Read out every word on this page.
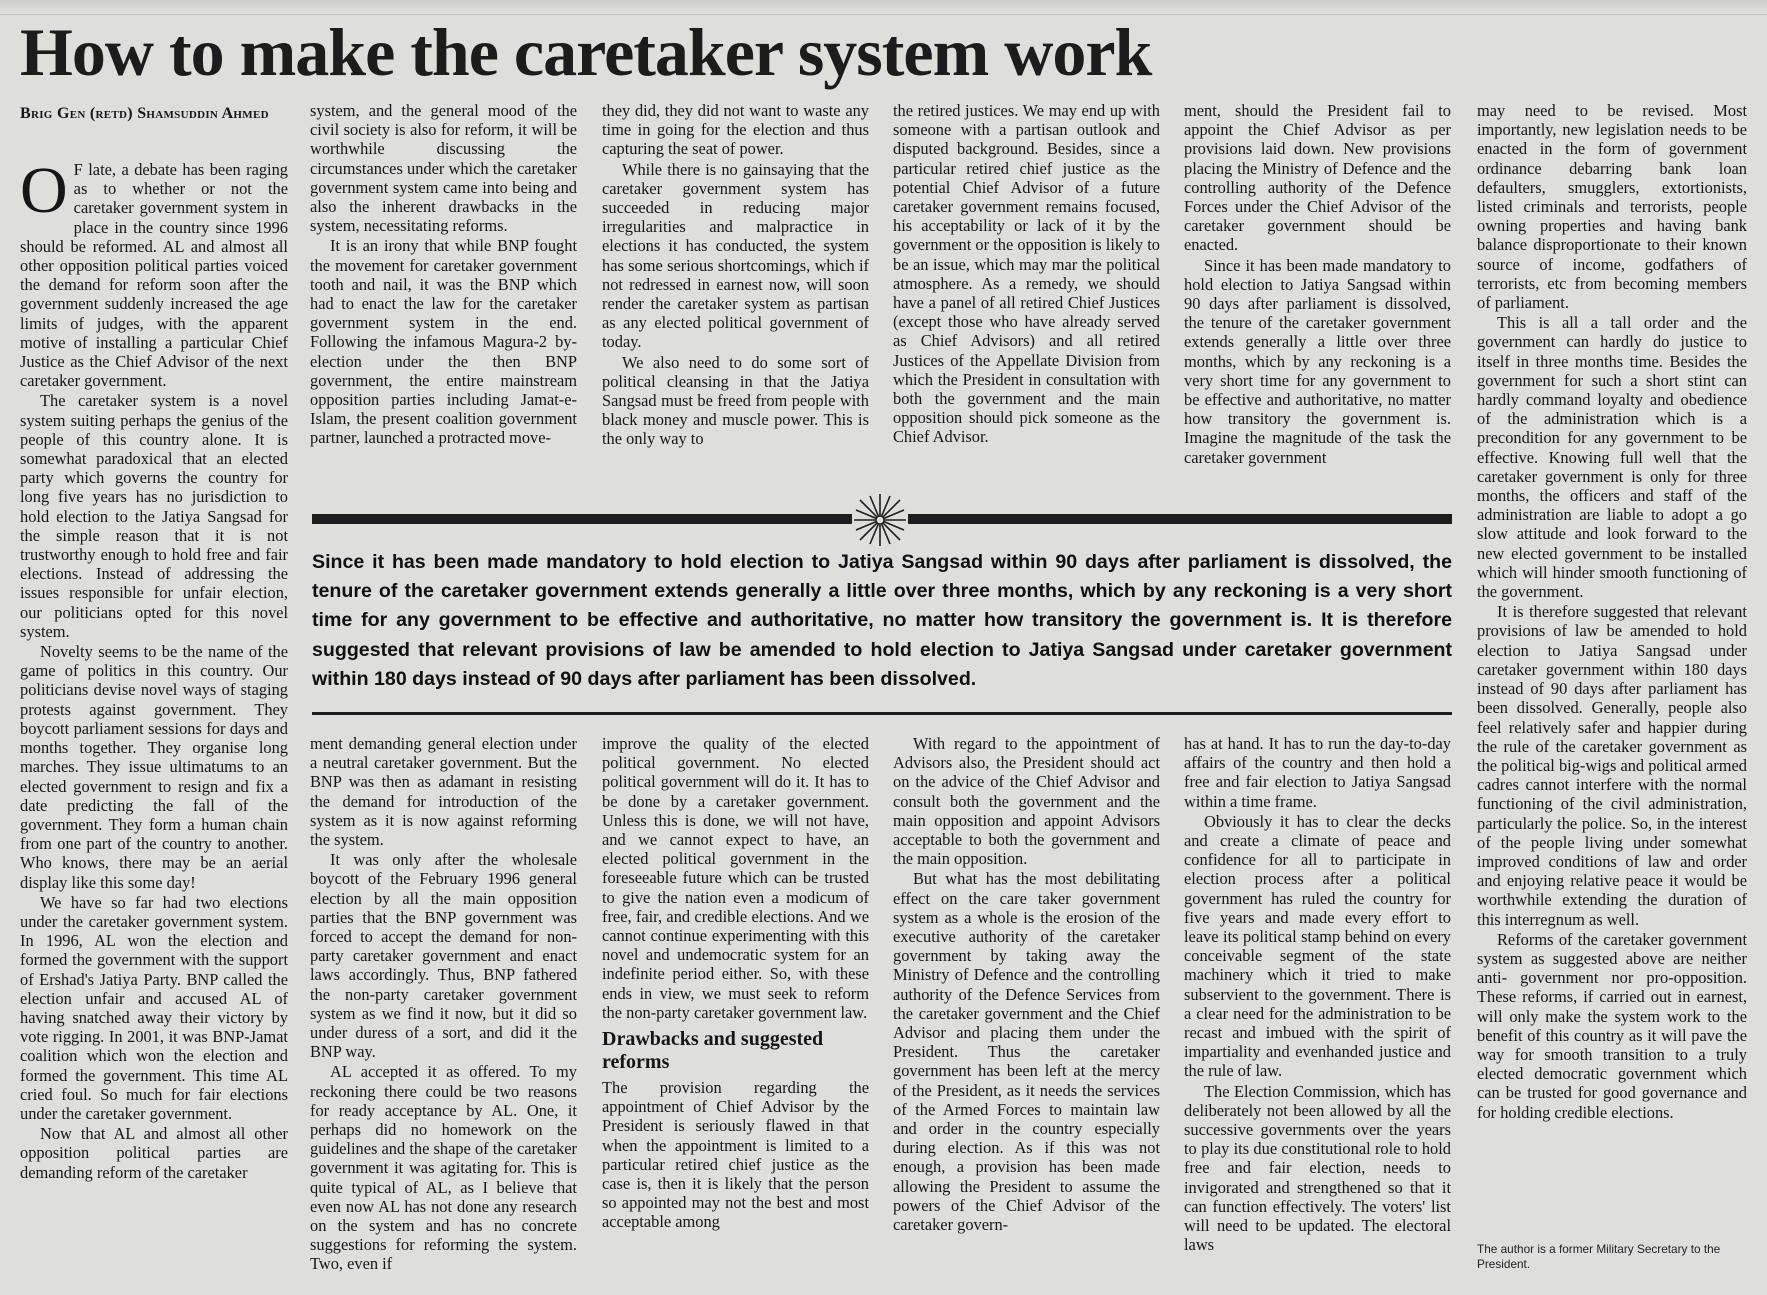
How to make the caretaker system work
Brig Gen (retd) Shamsuddin Ahmed

O F late, a debate has been raging as to whether or not the caretaker government system in place in the country since 1996 should be reformed. AL and almost all other opposition political parties voiced the demand for reform soon after the government suddenly increased the age limits of judges, with the apparent motive of installing a particular Chief Justice as the Chief Advisor of the next caretaker government.

The caretaker system is a novel system suiting perhaps the genius of the people of this country alone. It is somewhat paradoxical that an elected party which governs the country for long five years has no jurisdiction to hold election to the Jatiya Sangsad for the simple reason that it is not trustworthy enough to hold free and fair elections. Instead of addressing the issues responsible for unfair election, our politicians opted for this novel system.

Novelty seems to be the name of the game of politics in this country. Our politicians devise novel ways of staging protests against government. They boycott parliament sessions for days and months together. They organise long marches. They issue ultimatums to an elected government to resign and fix a date predicting the fall of the government. They form a human chain from one part of the country to another. Who knows, there may be an aerial display like this some day!

We have so far had two elections under the caretaker government system. In 1996, AL won the election and formed the government with the support of Ershad's Jatiya Party. BNP called the election unfair and accused AL of having snatched away their victory by vote rigging. In 2001, it was BNP-Jamat coalition which won the election and formed the government. This time AL cried foul. So much for fair elections under the caretaker government.

Now that AL and almost all other opposition political parties are demanding reform of the caretaker

system, and the general mood of the civil society is also for reform, it will be worthwhile discussing the circumstances under which the caretaker government system came into being and also the inherent drawbacks in the system, necessitating reforms.

It is an irony that while BNP fought the movement for caretaker government tooth and nail, it was the BNP which had to enact the law for the caretaker government system in the end. Following the infamous Magura-2 by-election under the then BNP government, the entire mainstream opposition parties including Jamat-e-Islam, the present coalition government partner, launched a protracted move-

they did, they did not want to waste any time in going for the election and thus capturing the seat of power.

While there is no gainsaying that the caretaker government system has succeeded in reducing major irregularities and malpractice in elections it has conducted, the system has some serious shortcomings, which if not redressed in earnest now, will soon render the caretaker system as partisan as any elected political government of today.

We also need to do some sort of political cleansing in that the Jatiya Sangsad must be freed from people with black money and muscle power. This is the only way to

the retired justices. We may end up with someone with a partisan outlook and disputed background. Besides, since a particular retired chief justice as the potential Chief Advisor of a future caretaker government remains focused, his acceptability or lack of it by the government or the opposition is likely to be an issue, which may mar the political atmosphere. As a remedy, we should have a panel of all retired Chief Justices (except those who have already served as Chief Advisors) and all retired Justices of the Appellate Division from which the President in consultation with both the government and the main opposition should pick someone as the Chief Advisor.

ment, should the President fail to appoint the Chief Advisor as per provisions laid down. New provisions placing the Ministry of Defence and the controlling authority of the Defence Forces under the Chief Advisor of the caretaker government should be enacted.

Since it has been made mandatory to hold election to Jatiya Sangsad within 90 days after parliament is dissolved, the tenure of the caretaker government extends generally a little over three months, which by any reckoning is a very short time for any government to be effective and authoritative, no matter how transitory the government is. Imagine the magnitude of the task the caretaker government

Since it has been made mandatory to hold election to Jatiya Sangsad within 90 days after parliament is dissolved, the tenure of the caretaker government extends generally a little over three months, which by any reckoning is a very short time for any government to be effective and authoritative, no matter how transitory the government is. It is therefore suggested that relevant provisions of law be amended to hold election to Jatiya Sangsad under caretaker government within 180 days instead of 90 days after parliament has been dissolved.

may need to be revised. Most importantly, new legislation needs to be enacted in the form of government ordinance debarring bank loan defaulters, smugglers, extortionists, listed criminals and terrorists, people owning properties and having bank balance disproportionate to their known source of income, godfathers of terrorists, etc from becoming members of parliament.

This is all a tall order and the government can hardly do justice to itself in three months time. Besides the government for such a short stint can hardly command loyalty and obedience of the administration which is a precondition for any government to be effective. Knowing full well that the caretaker government is only for three months, the officers and staff of the administration are liable to adopt a go slow attitude and look forward to the new elected government to be installed which will hinder smooth functioning of the government.

It is therefore suggested that relevant provisions of law be amended to hold election to Jatiya Sangsad under caretaker government within 180 days instead of 90 days after parliament has been dissolved. Generally, people also feel relatively safer and happier during the rule of the caretaker government as the political big-wigs and political armed cadres cannot interfere with the normal functioning of the civil administration, particularly the police. So, in the interest of the people living under somewhat improved conditions of law and order and enjoying relative peace it would be worthwhile extending the duration of this interregnum as well.

Reforms of the caretaker government system as suggested above are neither anti- government nor pro-opposition. These reforms, if carried out in earnest, will only make the system work to the benefit of this country as it will pave the way for smooth transition to a truly elected democratic government which can be trusted for good governance and for holding credible elections.

ment demanding general election under a neutral caretaker government. But the BNP was then as adamant in resisting the demand for introduction of the system as it is now against reforming the system.

It was only after the wholesale boycott of the February 1996 general election by all the main opposition parties that the BNP government was forced to accept the demand for non-party caretaker government and enact laws accordingly. Thus, BNP fathered the non-party caretaker government system as we find it now, but it did so under duress of a sort, and did it the BNP way.

AL accepted it as offered. To my reckoning there could be two reasons for ready acceptance by AL. One, it perhaps did no homework on the guidelines and the shape of the caretaker government it was agitating for. This is quite typical of AL, as I believe that even now AL has not done any research on the system and has no concrete suggestions for reforming the system. Two, even if

improve the quality of the elected political government. No elected political government will do it. It has to be done by a caretaker government. Unless this is done, we will not have, and we cannot expect to have, an elected political government in the foreseeable future which can be trusted to give the nation even a modicum of free, fair, and credible elections. And we cannot continue experimenting with this novel and undemocratic system for an indefinite period either. So, with these ends in view, we must seek to reform the non-party caretaker government law.

Drawbacks and suggested reforms

The provision regarding the appointment of Chief Advisor by the President is seriously flawed in that when the appointment is limited to a particular retired chief justice as the case is, then it is likely that the person so appointed may not the best and most acceptable among

With regard to the appointment of Advisors also, the President should act on the advice of the Chief Advisor and consult both the government and the main opposition and appoint Advisors acceptable to both the government and the main opposition.

But what has the most debilitating effect on the care taker government system as a whole is the erosion of the executive authority of the caretaker government by taking away the Ministry of Defence and the controlling authority of the Defence Services from the caretaker government and the Chief Advisor and placing them under the President. Thus the caretaker government has been left at the mercy of the President, as it needs the services of the Armed Forces to maintain law and order in the country especially during election. As if this was not enough, a provision has been made allowing the President to assume the powers of the Chief Advisor of the caretaker govern-

has at hand. It has to run the day-to-day affairs of the country and then hold a free and fair election to Jatiya Sangsad within a time frame.

Obviously it has to clear the decks and create a climate of peace and confidence for all to participate in election process after a political government has ruled the country for five years and made every effort to leave its political stamp behind on every conceivable segment of the state machinery which it tried to make subservient to the government. There is a clear need for the administration to be recast and imbued with the spirit of impartiality and evenhanded justice and the rule of law.

The Election Commission, which has deliberately not been allowed by all the successive governments over the years to play its due constitutional role to hold free and fair election, needs to invigorated and strengthened so that it can function effectively. The voters' list will need to be updated. The electoral laws	The author is a former Military Secretary to the President.
